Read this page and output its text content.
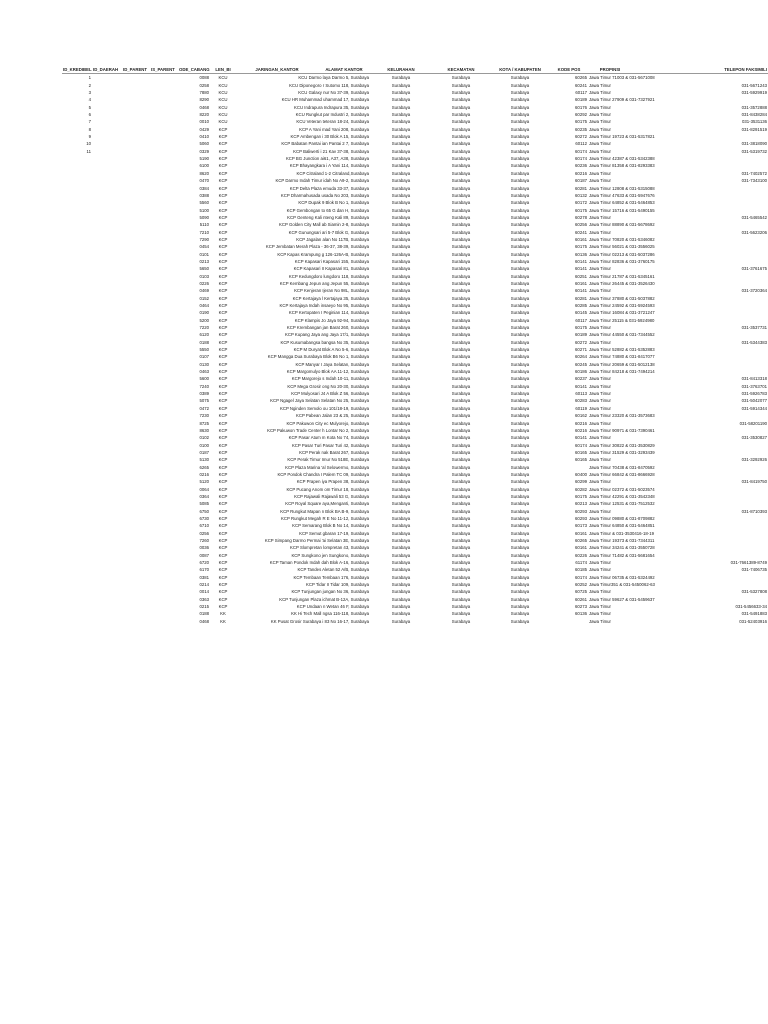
ID_KREDIBEL	ID_DAERAH	ID_PARENT	IS_PARENT	ODE_CABANG	LEN_BI	JARINGAN_KANTOR	ALAMAT KANTOR	KELURAHAN	KECAMATAN	KOTA / KABUPATEN	KODE POS	PROPINSI	TELEPON FAKSIMILI
1				0088	KCU	KCU Darmo laya Darmo 5, Surabaya		Surabaya	Surabaya	Surabaya	60265	Jawa Timur 71003 & 031-5671008	
2				0258	KCU	KCU Diponegoro r Sutomo 118, Surabaya		Surabaya	Surabaya	Surabaya	60241	Jawa Timur	031-5671243
3				7880	KCU	KCU Galaxy nur No 37-39, Surabaya		Surabaya	Surabaya	Surabaya	60117	Jawa Timur	031-5929919
4				8290	KCU	KCU HR Muhammad uhammad 17, Surabaya		Surabaya	Surabaya	Surabaya	60189	Jawa Timur 27909 & 031-7327921	
5				0468	KCU	KCU Indrapura Indrapura 35, Surabaya		Surabaya	Surabaya	Surabaya	60176	Jawa Timur	031-3572888
6				8220	KCU	KCU Rungkut par Industri 2, Surabaya		Surabaya	Surabaya	Surabaya	60292	Jawa Timur	031-8438284
7				0010	KCU	KCU Veteran teteran 18-24, Surabaya		Surabaya	Surabaya	Surabaya	60175	Jawa Timur	031-3531136
8				0429	KCP	KCP A Yani mad Yani 208, Surabaya		Surabaya	Surabaya	Surabaya	60235	Jawa Timur	031-8291519
9				0410	KCP	KCP Ambengan i 30 Blok A 15, Surabaya		Surabaya	Surabaya	Surabaya	60272	Jawa Timur 19723 & 031-5317821	
10				5060	KCP	KCP Babatan Pantai ian Pantai 2 7, Surabaya		Surabaya	Surabaya	Surabaya	60112	Jawa Timur	031-3818090
11				0329	KCP	KCP Baliwerti i 21 Kav 37-38, Surabaya		Surabaya	Surabaya	Surabaya	60174	Jawa Timur	031-5319732
				5190	KCP	KCP BG Junction ai61, A37, A38, Surabaya		Surabaya	Surabaya	Surabaya	60174	Jawa Timur 42387 & 031-5342388	
				6100	KCP	KCP Bhayangkara i A Yani 114, Surabaya		Surabaya	Surabaya	Surabaya	60236	Jawa Timur 81358 & 031-8293383	
				8620	KCP	KCP Citraland 1-2 Citraland,Surabaya		Surabaya	Surabaya	Surabaya	60216	Jawa Timur	031-7402572
				0470	KCP	KCP Darmo Indah Timur idah No A9-2, Surabaya		Surabaya	Surabaya	Surabaya	60187	Jawa Timur	031-7343100
				0384	KCP	KCP Delta Plaza emuda 33-37, Surabaya		Surabaya	Surabaya	Surabaya	60281	Jawa Timur 12808 & 031-5315088	
				0388	KCP	KCP Dharmahusada usada No 203, Surabaya		Surabaya	Surabaya	Surabaya	60132	Jawa Timur 47633 & 031-5947676	
				5560	KCP	KCP Dupak 9 Blok B No 1, Surabaya		Surabaya	Surabaya	Surabaya	60172	Jawa Timur 64852 & 031-5464853	
				5100	KCP	KCP Gembongan to 65 G dan H, Surabaya		Surabaya	Surabaya	Surabaya	60175	Jawa Timur 15716 & 031-5490155	
				5090	KCP	KCP Genteng Kali nteng Kali 89, Surabaya		Surabaya	Surabaya	Surabaya	60278	Jawa Timur	031-5465542
				5110	KCP	KCP Golden City Mall ab Siamin 2-8, Surabaya		Surabaya	Surabaya	Surabaya	60256	Jawa Timur 88890 & 031-5678692	
				7210	KCP	KCP Gunungsari ari 5-7 Blok G, Surabaya		Surabaya	Surabaya	Surabaya	60241	Jawa Timur	031-5623206
				7290	KCP	KCP Jagalan alan No 117B, Surabaya		Surabaya	Surabaya	Surabaya	60161	Jawa Timur 70820 & 031-5346082	
				0454	KCP	KCP Jembatan Merah Plaza - 36-37, 38-39, Surabaya		Surabaya	Surabaya	Surabaya	60175	Jawa Timur 56021 & 031-3556025	
				0101	KCP	KCP Kapas Krampung g 126-126A-B, Surabaya		Surabaya	Surabaya	Surabaya	60136	Jawa Timur 02213 & 031-5037286	
				0213	KCP	KCP Kapasari Kapasari 155, Surabaya		Surabaya	Surabaya	Surabaya	60141	Jawa Timur 82836 & 031-3760175	
				5650	KCP	KCP Kapasari II Kapasari 81, Surabaya		Surabaya	Surabaya	Surabaya	60141	Jawa Timur	031-3761675
				0103	KCP	KCP Kedungdoro lungdoro 118, Surabaya		Surabaya	Surabaya	Surabaya	60251	Jawa Timur 21787 & 031-5345161	
				0226	KCP	KCP Kembang Jepun ang Jepun 55, Surabaya		Surabaya	Surabaya	Surabaya	60161	Jawa Timur 26445 & 031-3526430	
				0469	KCP	KCP Kenjeran Ijeran No 98L, Surabaya		Surabaya	Surabaya	Surabaya	60141	Jawa Timur	031-3720364
				0152	KCP	KCP Kertajaya l Kertajaya 35, Surabaya		Surabaya	Surabaya	Surabaya	60281	Jawa Timur 37880 & 031-5037882	
				0464	KCP	KCP Kertajaya Indah insaeyo No 95, Surabaya		Surabaya	Surabaya	Surabaya	60285	Jawa Timur 24592 & 031-5924593	
				0190	KCP	KCP Kertopaten I Peginian 114, Surabaya		Surabaya	Surabaya	Surabaya	60145	Jawa Timur 16084 & 031-3721247	
				5200	KCP	KCP Klampis Jo Jaya 92-94, Surabaya		Surabaya	Surabaya	Surabaya	60117	Jawa Timur 25115 & 031-5924980	
				7220	KCP	KCP Krembangan jan Barat 260, Surabaya		Surabaya	Surabaya	Surabaya	60175	Jawa Timur	031-3537731
				6120	KCP	KCP Kupang Jaya ang Jaya 17/1, Surabaya		Surabaya	Surabaya	Surabaya	60189	Jawa Timur 44550 & 031-7344552	
				0188	KCP	KCP Kusumabangsa bangsa No 35, Surabaya		Surabaya	Surabaya	Surabaya	60272	Jawa Timur	031-5344383
				5550	KCP	KCP M Duryat Blok A No 5-6, Surabaya		Surabaya	Surabaya	Surabaya	60271	Jawa Timur 52882 & 031-5352883	
				0107	KCP	KCP Mangga Dua Surabaya Blok B6 No 1, Surabaya		Surabaya	Surabaya	Surabaya	60264	Jawa Timur 74880 & 031-8417077	
				0130	KCP	KCP Manyar I Jaya Selatan, Surabaya		Surabaya	Surabaya	Surabaya	60245	Jawa Timur 20659 & 031-5012138	
				0463	KCP	KCP Margomulyo Blok AA 11-12, Surabaya		Surabaya	Surabaya	Surabaya	60186	Jawa Timur 84218 & 031-7494214	
				5600	KCP	KCP Margorejo s Indah 10-11, Surabaya		Surabaya	Surabaya	Surabaya	60237	Jawa Timur	031-8413318
				7240	KCP	KCP Mega Grosir ong No 20-30, Surabaya		Surabaya	Surabaya	Surabaya	60141	Jawa Timur	031-3763701
				0389	KCP	KCP Mulyosari J4 A Blok Z 56, Surabaya		Surabaya	Surabaya	Surabaya	60113	Jawa Timur	031-5926783
				5075	KCP	KCP Ngagel Jaya Selatan Selatan No 25, Surabaya		Surabaya	Surabaya	Surabaya	60283	Jawa Timur	031-5042077
				0472	KCP	KCP Nginden Semolo ou 101/18-19, Surabaya		Surabaya	Surabaya	Surabaya	60119	Jawa Timur	031-5914344
				7230	KCP	KCP Pabean Jalan 23 & 25, Surabaya		Surabaya	Surabaya	Surabaya	60162	Jawa Timur 23320 & 031-3573683	
				8725	KCP	KCP Pakuwon City ec Mulyorejo, Surabaya		Surabaya	Surabaya	Surabaya	60216	Jawa Timur	031-58201190
				8630	KCP	KCP Pakuwon Trade Center h Lontar No 2, Surabaya		Surabaya	Surabaya	Surabaya	60216	Jawa Timur 90971 & 031-7390461	
				0102	KCP	KCP Pasar Atum m Kota No 74, Surabaya		Surabaya	Surabaya	Surabaya	60141	Jawa Timur	031-3530827
				0100	KCP	KCP Pasar Turi Pasar Turi 42, Surabaya		Surabaya	Surabaya	Surabaya	60174	Jawa Timur 30822 & 031-3530829	
				0187	KCP	KCP Perak nak Barat 267, Surabaya		Surabaya	Surabaya	Surabaya	60165	Jawa Timur 31529 & 031-3293439	
				5130	KCP	KCP Perak Timur Imur No 518E, Surabaya		Surabaya	Surabaya	Surabaya	60165	Jawa Timur	031-3292926
				6265	KCP	KCP Plaza Marina 'al Selowermo, Surabaya		Surabaya	Surabaya	Surabaya		Jawa Timur 70438 & 031-8470592	
				0216	KCP	KCP Pondok Chandra I Palem TC 09, Surabaya		Surabaya	Surabaya	Surabaya	60400	Jawa Timur 66842 & 031-8666928	
				5120	KCP	KCP Prapen iya Prapen 38, Surabaya		Surabaya	Surabaya	Surabaya	60299	Jawa Timur	031-8419750
				0064	KCP	KCP Pucang Anom om Timur 18, Surabaya		Surabaya	Surabaya	Surabaya	60282	Jawa Timur 02372 & 031-5023574	
				0364	KCP	KCP Rajawali Rajawali 53 G, Surabaya		Surabaya	Surabaya	Surabaya	60175	Jawa Timur 42291 & 031-3542348	
				5085	KCP	KCP Royal Square aya,Menganti, Surabaya		Surabaya	Surabaya	Surabaya	60213	Jawa Timur 12531 & 031-7512532	
				6750	KCP	KCP Rungkut Mapan n Blok BA B-9, Surabaya		Surabaya	Surabaya	Surabaya	60293	Jawa Timur	031-8710393
				6730	KCP	KCP Rungkut Megah R E No 11-12, Surabaya		Surabaya	Surabaya	Surabaya	60293	Jawa Timur 09880 & 031-8709882	
				6710	KCP	KCP Semarang Blok B No 14, Surabaya		Surabaya	Surabaya	Surabaya	60173	Jawa Timur 64850 & 031-5464851	
				0256	KCP	KCP Semut gbaran 17-19, Surabaya		Surabaya	Surabaya	Surabaya	60161	Jawa Timur & 031-3530416-18-19	
				7260	KCP	KCP Simpang Darmo Permai 'ai Selatan 3E, Surabaya		Surabaya	Surabaya	Surabaya	60265	Jawa Timur 19373 & 031-7344311	
				0036	KCP	KCP Slompretan lompretan 43, Surabaya		Surabaya	Surabaya	Surabaya	60161	Jawa Timur 34241 & 031-3550728	
				0087	KCP	KCP Sungkono jen Sungkono, Surabaya		Surabaya	Surabaya	Surabaya	60226	Jawa Timur 71482 & 031-5681654	
				6720	KCP	KCP Taman Pondok Indah dah Blok A-16, Surabaya		Surabaya	Surabaya	Surabaya	61174	Jawa Timur	031-7661389-8749
				6170	KCP	KCP Tandes Aletan 52 A/B, Surabaya		Surabaya	Surabaya	Surabaya	60185	Jawa Timur	031-7406735
				0381	KCP	KCP Tembaan Tembaan 176, Surabaya		Surabaya	Surabaya	Surabaya	60174	Jawa Timur 06735 & 031-5324492	
				0214	KCP	KCP Tidar II Tidar 109, Surabaya		Surabaya	Surabaya	Surabaya	60252	Jawa Timur351 & 031-5450062-63	
				0014	KCP	KCP Tunjungan jungan No 36, Surabaya		Surabaya	Surabaya	Surabaya	60725	Jawa Timur	031-5327808
				0363	KCP	KCP Tunjungan Plaza ichmat B-12A, Surabaya		Surabaya	Surabaya	Surabaya	60261	Jawa Timur 59627 & 031-5459637	
				0215	KCP	KCP Undaan n Wetan 46 F, Surabaya		Surabaya	Surabaya	Surabaya	60273	Jawa Timur	031-5456633-34
				0188	KK	KK Hi Tech Mall ngsa 116-118, Surabaya		Surabaya	Surabaya	Surabaya	60136	Jawa Timur	031-5491883
				0468	KK	KK Pusat Grosir Surabaya i 83 No 16-17, Surabaya		Surabaya	Surabaya	Surabaya		Jawa Timur	031-52403916
